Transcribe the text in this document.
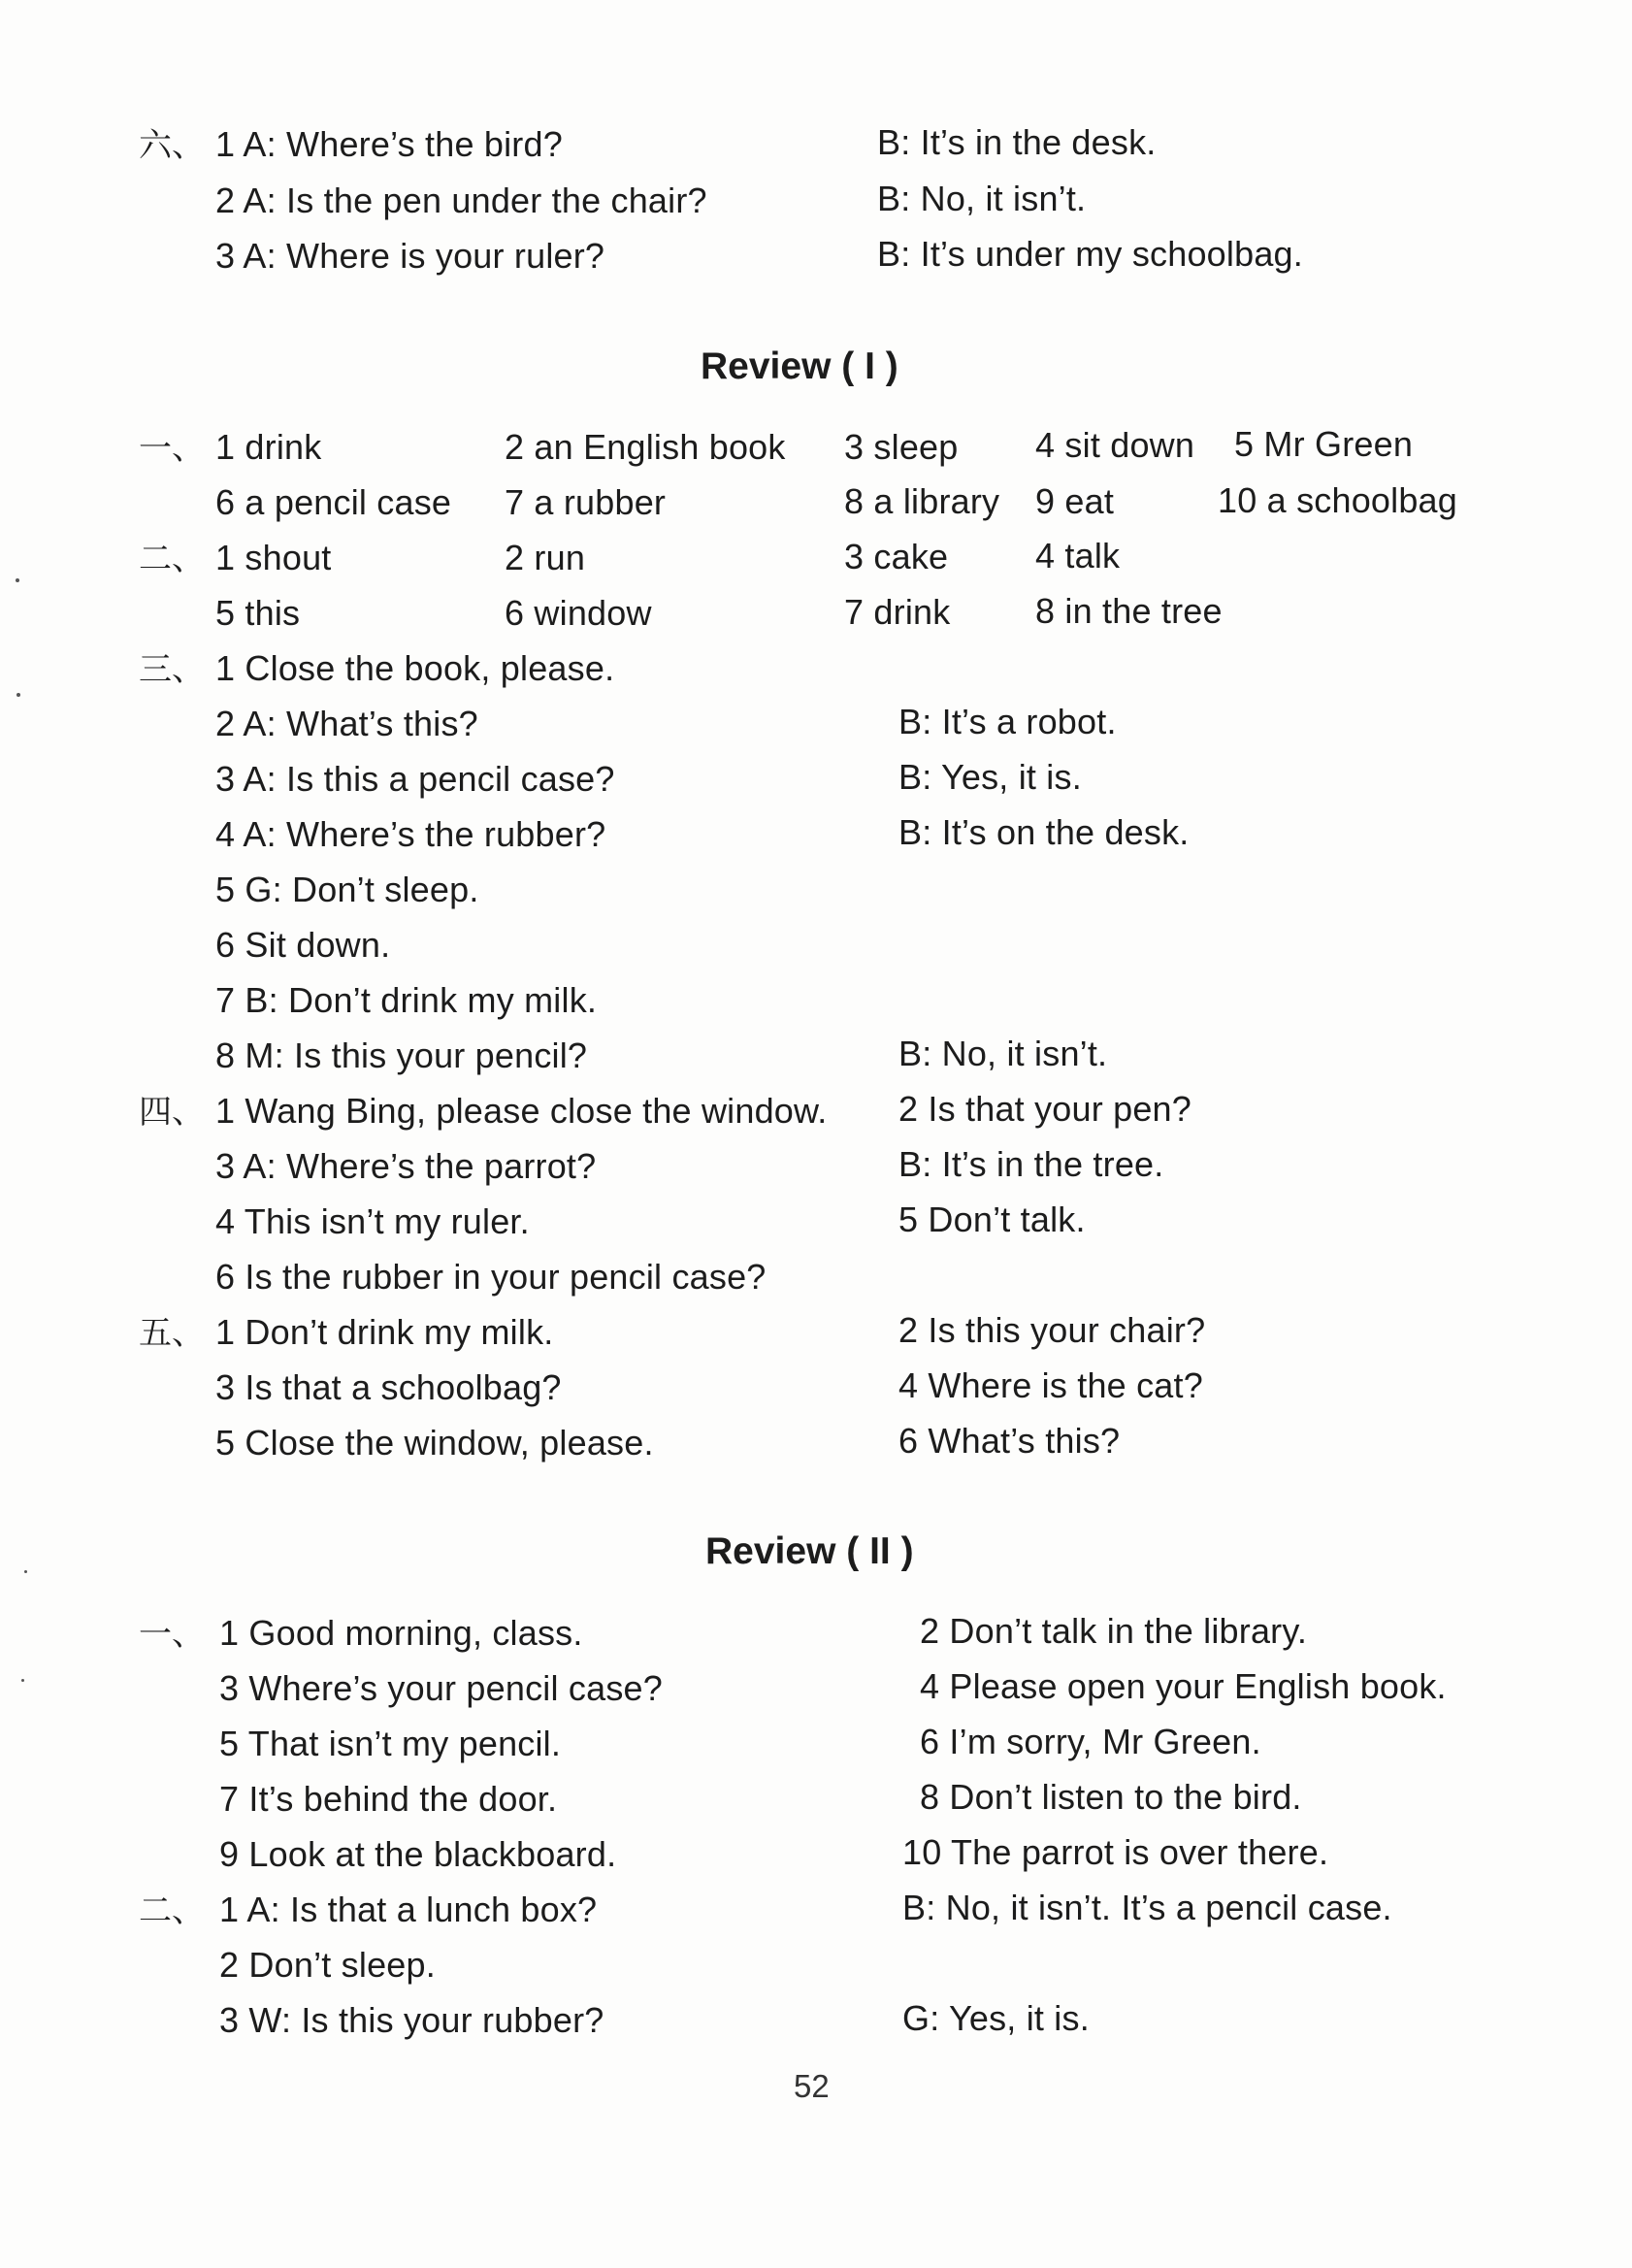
六、 1 A: Where’s the bird?	B: It’s in the desk.
2 A: Is the pen under the chair?	B: No, it isn’t.
3 A: Where is your ruler?	B: It’s under my schoolbag.
Review ( I )
一、 1 drink	2 an English book 3 sleep 4 sit down 5 Mr Green
6 a pencil case 7 a rubber	8 a library 9 eat	10 a schoolbag
二、 1 shout	2 run	3 cake 4 talk
5 this	6 window	7 drink 8 in the tree
三、 1 Close the book, please.
2 A: What’s this?	B: It’s a robot.
3 A: Is this a pencil case?	B: Yes, it is.
4 A: Where’s the rubber?	B: It’s on the desk.
5 G: Don’t sleep.
6 Sit down.
7 B: Don’t drink my milk.
8 M: Is this your pencil?	B: No, it isn’t.
四、 1 Wang Bing, please close the window. 2 Is that your pen?
3 A: Where’s the parrot?	B: It’s in the tree.
4 This isn’t my ruler.	5 Don’t talk.
6 Is the rubber in your pencil case?
五、 1 Don’t drink my milk.	2 Is this your chair?
3 Is that a schoolbag?	4 Where is the cat?
5 Close the window, please.	6 What’s this?
Review ( II )
一、 1 Good morning, class.	2 Don’t talk in the library.
3 Where’s your pencil case?	4 Please open your English book.
5 That isn’t my pencil.	6 I’m sorry, Mr Green.
7 It’s behind the door.	8 Don’t listen to the bird.
9 Look at the blackboard.	10 The parrot is over there.
二、 1 A: Is that a lunch box?	B: No, it isn’t. It’s a pencil case.
2 Don’t sleep.
3 W: Is this your rubber?	G: Yes, it is.
52
